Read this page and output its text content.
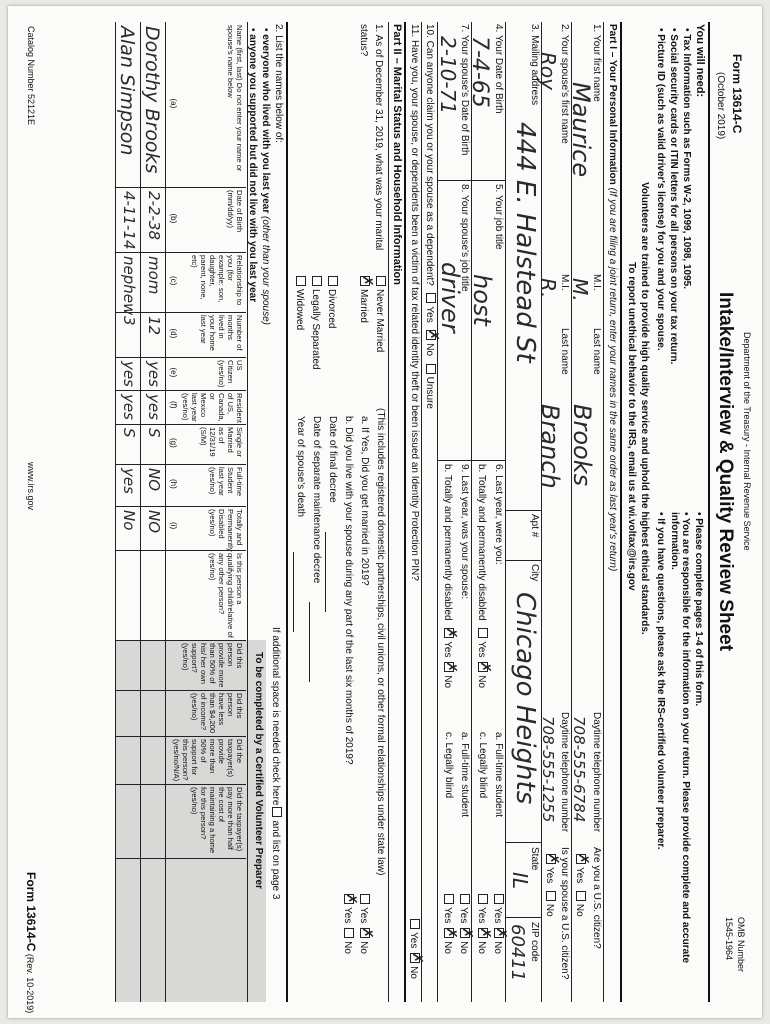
Form 13614-C
(October 2019)
Department of the Treasury - Internal Revenue Service
Intake/Interview & Quality Review Sheet
OMB Number
1545-1964
You will need:
• Tax Information such as Forms W-2, 1099, 1098, 1095.
• Social security cards or ITIN letters for all persons on your tax return.
• Picture ID (such as valid driver's license) for you and your spouse.
• Please complete pages 1-4 of this form.
• You are responsible for the information on your return. Please provide complete and accurate information.
• If you have questions, please ask the IRS-certified volunteer preparer.
Volunteers are trained to provide high quality service and uphold the highest ethical standards.
To report unethical behavior to the IRS, email us at wi.voltax@irs.gov
Part I – Your Personal Information (If you are filing a joint return, enter your names in the same order as last year's return)
1. Your first name
M.I.
Last name
Daytime telephone number
Are you a U.S. citizen?
Maurice
M.
Brooks
708-555-6784
✗Yes  No
2. Your spouse's first name
M.I.
Last name
Daytime telephone number
Is your spouse a U.S. citizen?
Roy
R.
Branch
708-555-1255
✗Yes  No
3. Mailing address
Apt #
City
State
ZIP code
444 E. Halstead St
Chicago Heights
IL
60411
4. Your Date of Birth
5. Your job title
6. Last year, were you:
a. Full-time student
Yes ✗No
7-4-65
host
b. Totally and permanently disabled  Yes ✗No
c. Legally blind
Yes ✗No
7. Your spouse's Date of Birth
8. Your spouse's job title
9. Last year, was your spouse:
a. Full-time student
Yes ✗No
2-10-71
driver
b. Totally and permanently disabled  ✗Yes ✗No
c. Legally blind
Yes ✗No
10. Can anyone claim you or your spouse as a dependent?  Yes  ✗No  Unsure
11. Have you, your spouse, or dependents been a victim of tax related identity theft or been issued an Identity Protection PIN?
Yes ✗No
Part II – Marital Status and Household Information
1. As of December 31, 2019, what was your marital status?
Never Married
✗Married
(This includes registered domestic partnerships, civil unions, or other formal relationships under state law)
a. If Yes, Did you get married in 2019?
Yes ✗No
b. Did you live with your spouse during any part of the last six months of 2019?
✗Yes No
Divorced
Date of final decree
Legally Separated
Date of separate maintenance decree
Widowed
Year of spouse's death
2. List the names below of:
• everyone who lived with you last year (other than your spouse)
• anyone you supported but did not live with you last year
If additional space is needed check hereand list on page 3
To be completed by a Certified Volunteer Preparer
Name (first, last) Do not enter your name or spouse's name below
(a)
Date of Birth (mm/dd/yy)
(b)
Relationship to you (for example: son, daughter, parent, none, etc)
(c)
Number of months lived in your home last year
(d)
US Citizen (yes/no)
(e)
Resident of US, Canada, or Mexico last year (yes/no)
(f)
Single or Married as of 12/31/19 (S/M)
(g)
Full-time Student last year (yes/no)
(h)
Totally and Permanently Disabled (yes/no)
(i)
Is this person a qualifying child/relative of any other person? (yes/no)
Did this person provide more than 50% of his/ her own support? (yes/no)
Did this person have less than $4,200 of income? (yes/no)
Did the taxpayer(s) provide more than 50% of support for this person? (yes/no/N/A)
Did the taxpayer(s) pay more than half the cost of maintaining a home for this person? (yes/no)
Dorothy Brooks
2-2-38
mom
12
yes
yes
S
NO
NO
Alan Simpson
4-11-14
nephew
3
yes
yes
S
yes
No
Catalog Number 52121E
www.irs.gov
Form 13614-C (Rev. 10-2019)
